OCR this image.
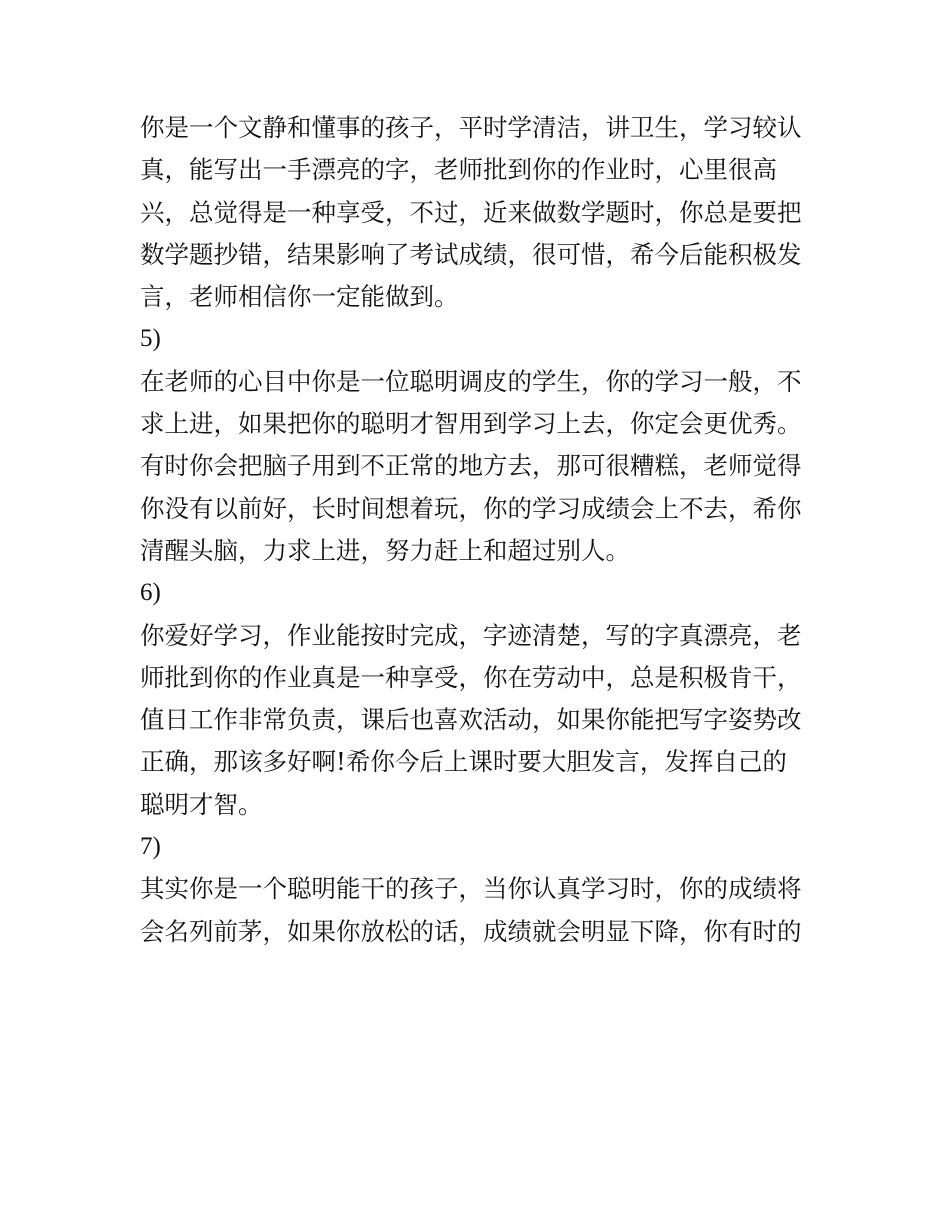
你是一个文静和懂事的孩子，平时学清洁，讲卫生，学习较认
真，能写出一手漂亮的字，老师批到你的作业时，心里很高
兴，总觉得是一种享受，不过，近来做数学题时，你总是要把
数学题抄错，结果影响了考试成绩，很可惜，希今后能积极发
言，老师相信你一定能做到。
5)
在老师的心目中你是一位聪明调皮的学生，你的学习一般，不
求上进，如果把你的聪明才智用到学习上去，你定会更优秀。
有时你会把脑子用到不正常的地方去，那可很糟糕，老师觉得
你没有以前好，长时间想着玩，你的学习成绩会上不去，希你
清醒头脑，力求上进，努力赶上和超过别人。
6)
你爱好学习，作业能按时完成，字迹清楚，写的字真漂亮，老
师批到你的作业真是一种享受，你在劳动中，总是积极肯干，
值日工作非常负责，课后也喜欢活动，如果你能把写字姿势改
正确，那该多好啊!希你今后上课时要大胆发言，发挥自己的
聪明才智。
7)
其实你是一个聪明能干的孩子，当你认真学习时，你的成绩将
会名列前茅，如果你放松的话，成绩就会明显下降，你有时的
